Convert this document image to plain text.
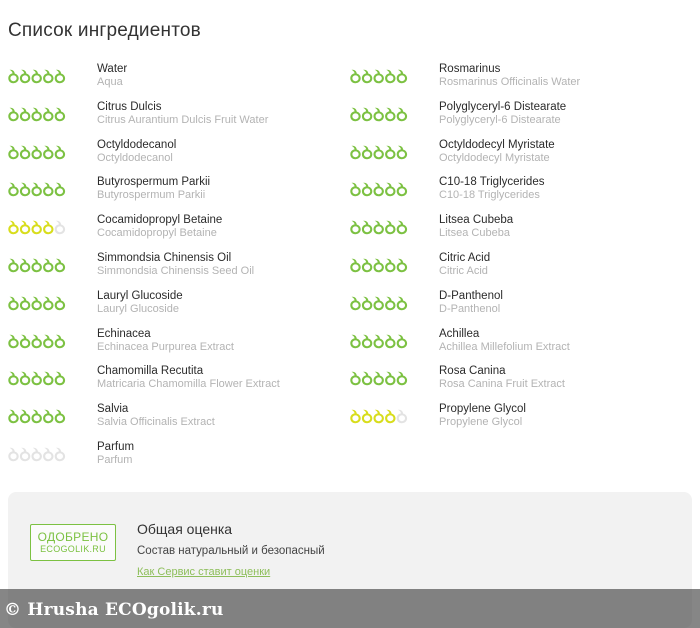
Список ингредиентов
Water
Aqua
Citrus Dulcis
Citrus Aurantium Dulcis Fruit Water
Octyldodecanol
Octyldodecanol
Butyrospermum Parkii
Butyrospermum Parkii
Cocamidopropyl Betaine
Cocamidopropyl Betaine
Simmondsia Chinensis Oil
Simmondsia Chinensis Seed Oil
Lauryl Glucoside
Lauryl Glucoside
Echinacea
Echinacea Purpurea Extract
Chamomilla Recutita
Matricaria Chamomilla Flower Extract
Salvia
Salvia Officinalis Extract
Parfum
Parfum
Rosmarinus
Rosmarinus Officinalis Water
Polyglyceryl-6 Distearate
Polyglyceryl-6 Distearate
Octyldodecyl Myristate
Octyldodecyl Myristate
C10-18 Triglycerides
C10-18 Triglycerides
Litsea Cubeba
Litsea Cubeba
Citric Acid
Citric Acid
D-Panthenol
D-Panthenol
Achillea
Achillea Millefolium Extract
Rosa Canina
Rosa Canina Fruit Extract
Propylene Glycol
Propylene Glycol
ОДОБРЕНО
ECOGOLIK.RU
Общая оценка
Состав натуральный и безопасный
Как Сервис ставит оценки
© Hrusha ECOgolik.ru
